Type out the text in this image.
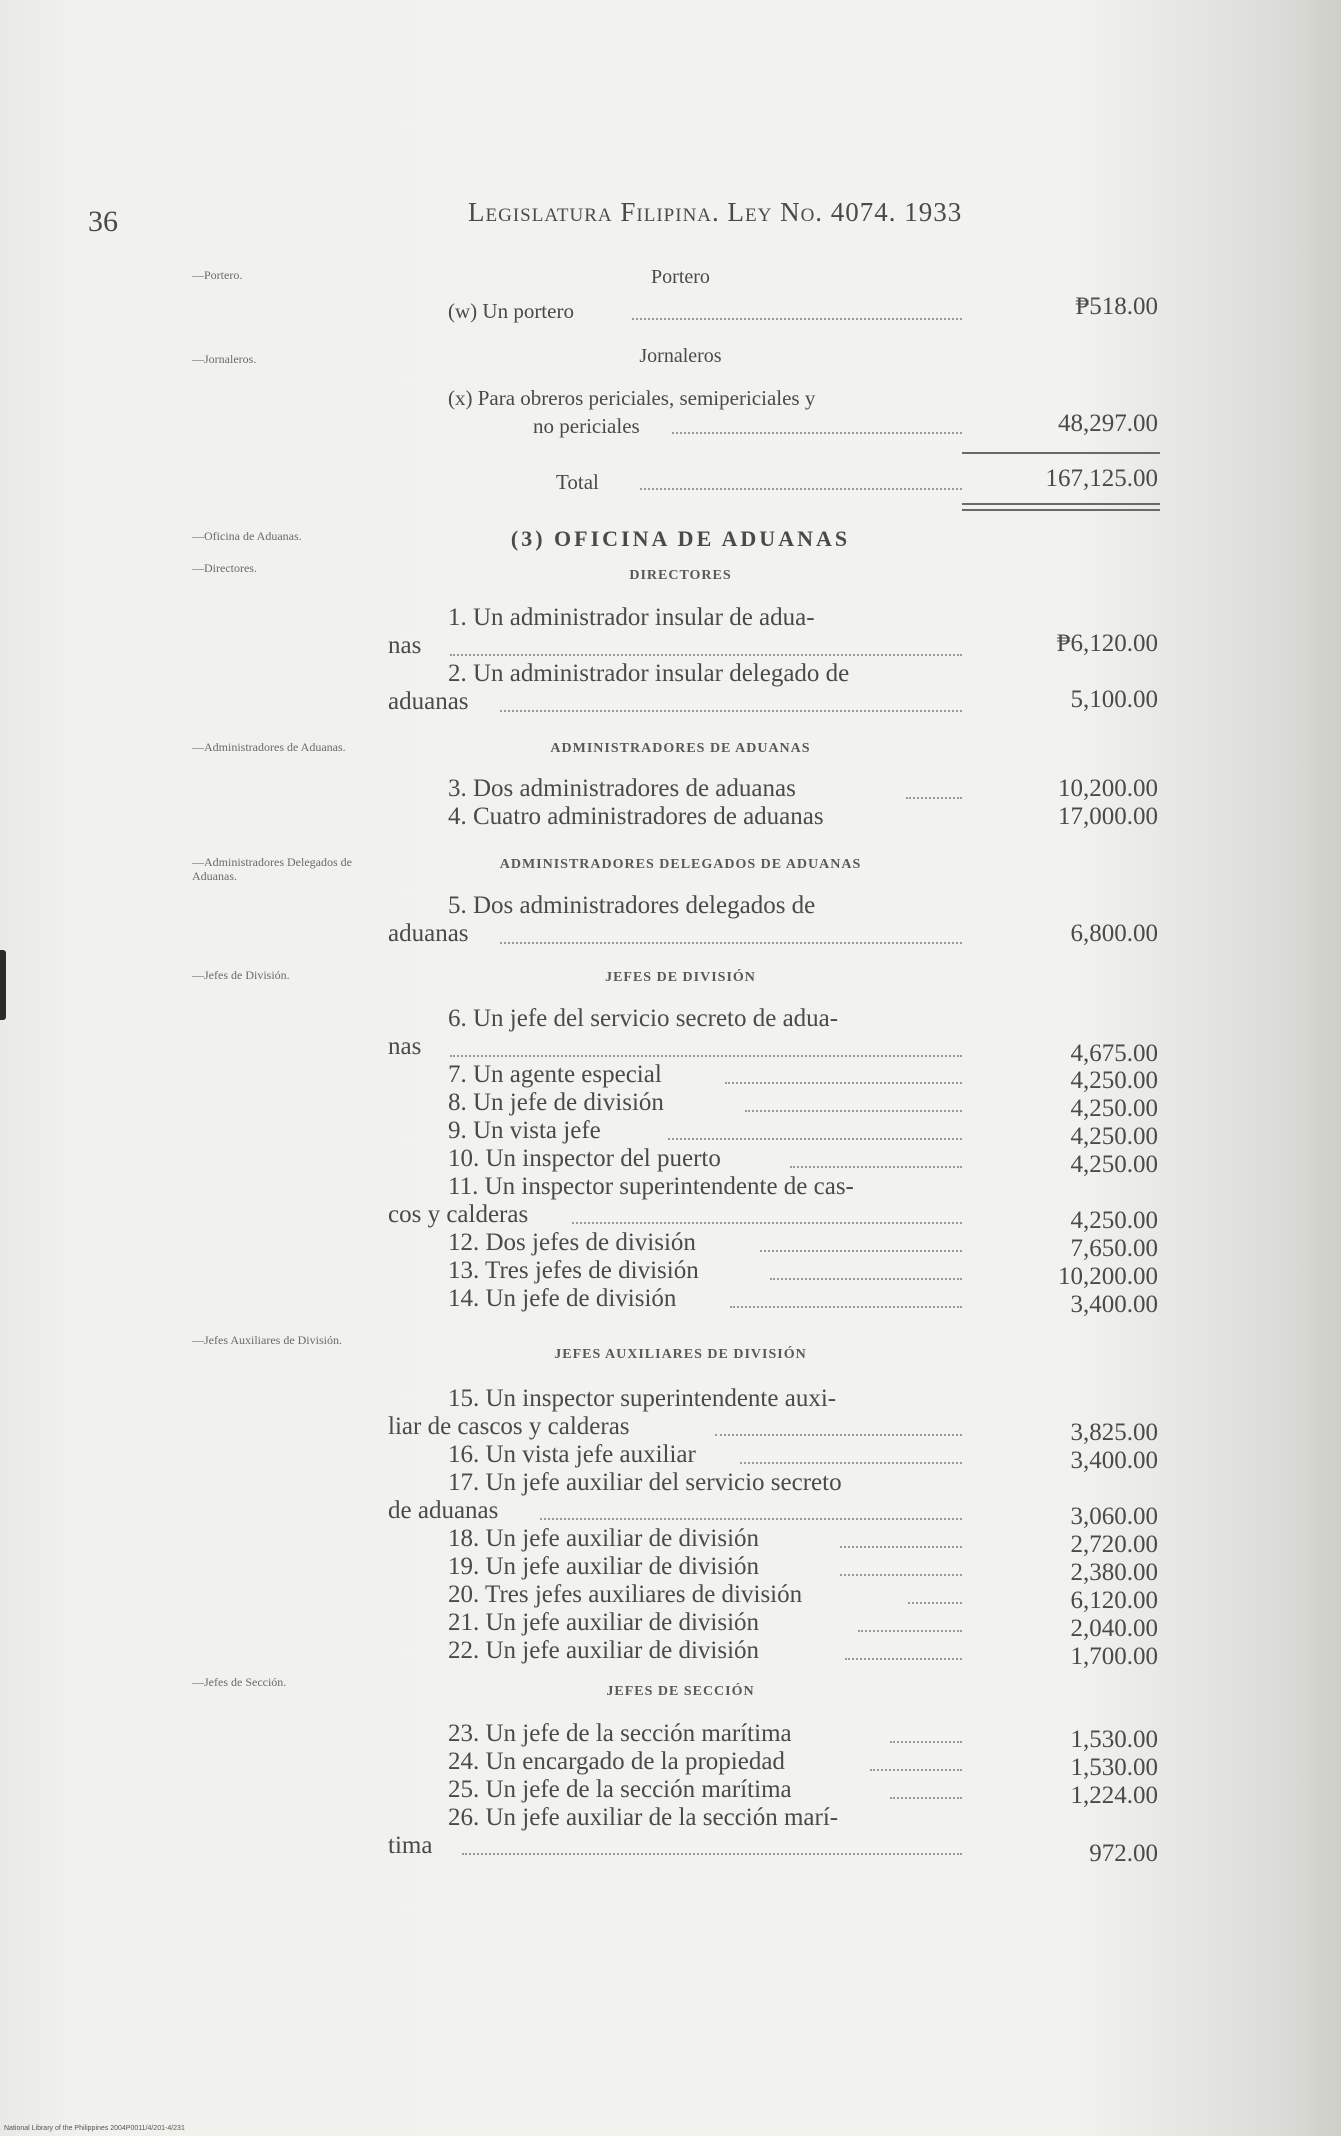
36	Legislatura Filipina. Ley No. 4074. 1933
—Portero.
—Jornaleros.
—Oficina de Aduanas.
—Directores.
—Administradores de Aduanas.
—Administradores Delegados de Aduanas.
—Jefes de División.
—Jefes Auxiliares de División.
—Jefes de Sección.
Portero
(w) Un portero	₱518.00
Jornaleros
(x) Para obreros periciales, semipericiales y
no periciales	48,297.00
Total	167,125.00
(3) OFICINA DE ADUANAS
DIRECTORES
1. Un administrador insular de adua-
nas	₱6,120.00
2. Un administrador insular delegado de
aduanas	5,100.00
ADMINISTRADORES DE ADUANAS
3. Dos administradores de aduanas	10,200.00
4. Cuatro administradores de aduanas	17,000.00
ADMINISTRADORES DELEGADOS DE ADUANAS
5. Dos administradores delegados de
aduanas	6,800.00
JEFES DE DIVISIÓN
6. Un jefe del servicio secreto de adua-
nas	4,675.00
7. Un agente especial	4,250.00
8. Un jefe de división	4,250.00
9. Un vista jefe	4,250.00
10. Un inspector del puerto	4,250.00
11. Un inspector superintendente de cas-
cos y calderas	4,250.00
12. Dos jefes de división	7,650.00
13. Tres jefes de división	10,200.00
14. Un jefe de división	3,400.00
JEFES AUXILIARES DE DIVISIÓN
15. Un inspector superintendente auxi-
liar de cascos y calderas	3,825.00
16. Un vista jefe auxiliar	3,400.00
17. Un jefe auxiliar del servicio secreto
de aduanas	3,060.00
18. Un jefe auxiliar de división	2,720.00
19. Un jefe auxiliar de división	2,380.00
20. Tres jefes auxiliares de división	6,120.00
21. Un jefe auxiliar de división	2,040.00
22. Un jefe auxiliar de división	1,700.00
JEFES DE SECCIÓN
23. Un jefe de la sección marítima	1,530.00
24. Un encargado de la propiedad	1,530.00
25. Un jefe de la sección marítima	1,224.00
26. Un jefe auxiliar de la sección marí-
tima	972.00
National Library of the Philippines 2004P0011/4/201-4/231
